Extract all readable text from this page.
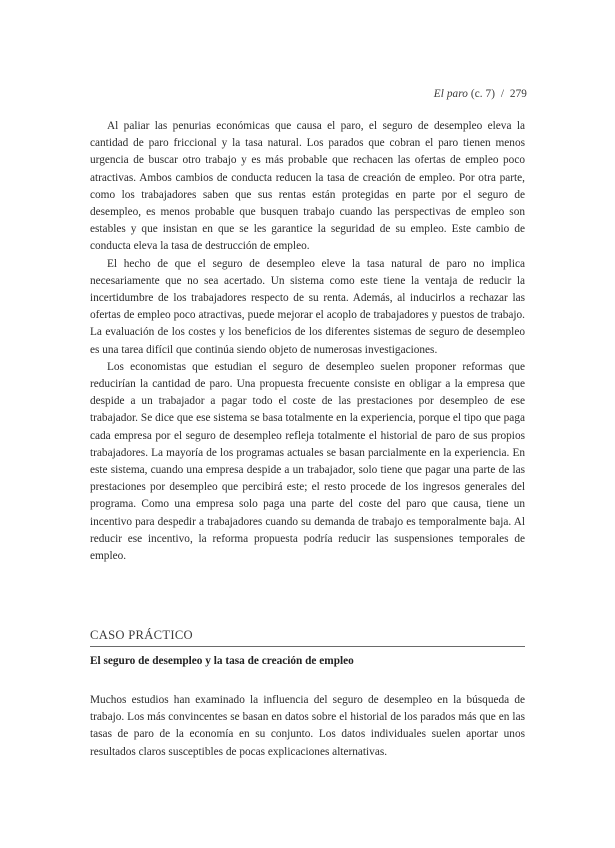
El paro (c. 7) / 279

Al paliar las penurias económicas que causa el paro, el seguro de desempleo eleva la cantidad de paro friccional y la tasa natural. Los parados que cobran el paro tienen menos urgencia de buscar otro trabajo y es más probable que rechacen las ofertas de empleo poco atractivas. Ambos cambios de conducta reducen la tasa de creación de empleo. Por otra parte, como los trabajadores saben que sus rentas están protegidas en parte por el seguro de desempleo, es menos probable que busquen trabajo cuando las perspectivas de empleo son estables y que insistan en que se les garantice la seguridad de su empleo. Este cambio de conducta eleva la tasa de destrucción de empleo.

El hecho de que el seguro de desempleo eleve la tasa natural de paro no implica necesariamente que no sea acertado. Un sistema como este tiene la ventaja de reducir la incertidumbre de los trabajadores respecto de su renta. Además, al inducirlos a rechazar las ofertas de empleo poco atractivas, puede mejorar el acoplo de trabajadores y puestos de trabajo. La evaluación de los costes y los beneficios de los diferentes sistemas de seguro de desempleo es una tarea difícil que continúa siendo objeto de numerosas investigaciones.

Los economistas que estudian el seguro de desempleo suelen proponer reformas que reducirían la cantidad de paro. Una propuesta frecuente consiste en obligar a la empresa que despide a un trabajador a pagar todo el coste de las prestaciones por desempleo de ese trabajador. Se dice que ese sistema se basa totalmente en la experiencia, porque el tipo que paga cada empresa por el seguro de desempleo refleja totalmente el historial de paro de sus propios trabajadores. La mayoría de los programas actuales se basan parcialmente en la experiencia. En este sistema, cuando una empresa despide a un trabajador, solo tiene que pagar una parte de las prestaciones por desempleo que percibirá este; el resto procede de los ingresos generales del programa. Como una empresa solo paga una parte del coste del paro que causa, tiene un incentivo para despedir a trabajadores cuando su demanda de trabajo es temporalmente baja. Al reducir ese incentivo, la reforma propuesta podría reducir las suspensiones temporales de empleo.

CASO PRÁCTICO
El seguro de desempleo y la tasa de creación de empleo

Muchos estudios han examinado la influencia del seguro de desempleo en la búsqueda de trabajo. Los más convincentes se basan en datos sobre el historial de los parados más que en las tasas de paro de la economía en su conjunto. Los datos individuales suelen aportar unos resultados claros susceptibles de pocas explicaciones alternativas.
